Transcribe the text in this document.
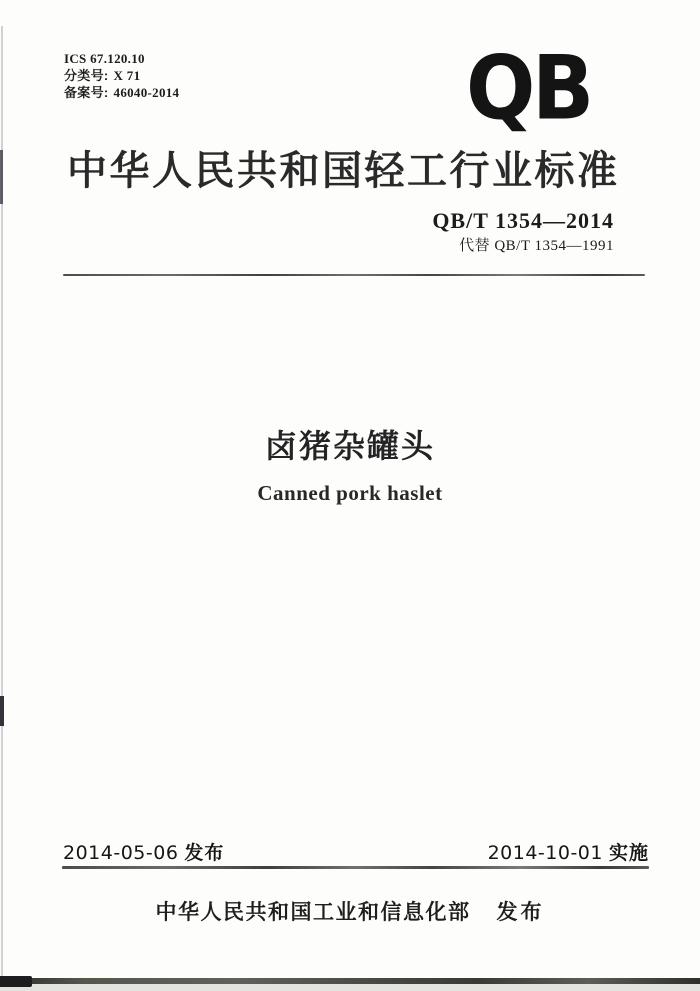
ICS 67.120.10
分类号: X 71
备案号: 46040-2014	QB
中华人民共和国轻工行业标准
QB/T 1354—2014
代替 QB/T 1354—1991
卤猪杂罐头
Canned pork haslet
2014-05-06 发布	2014-10-01 实施
中华人民共和国工业和信息化部 发布
